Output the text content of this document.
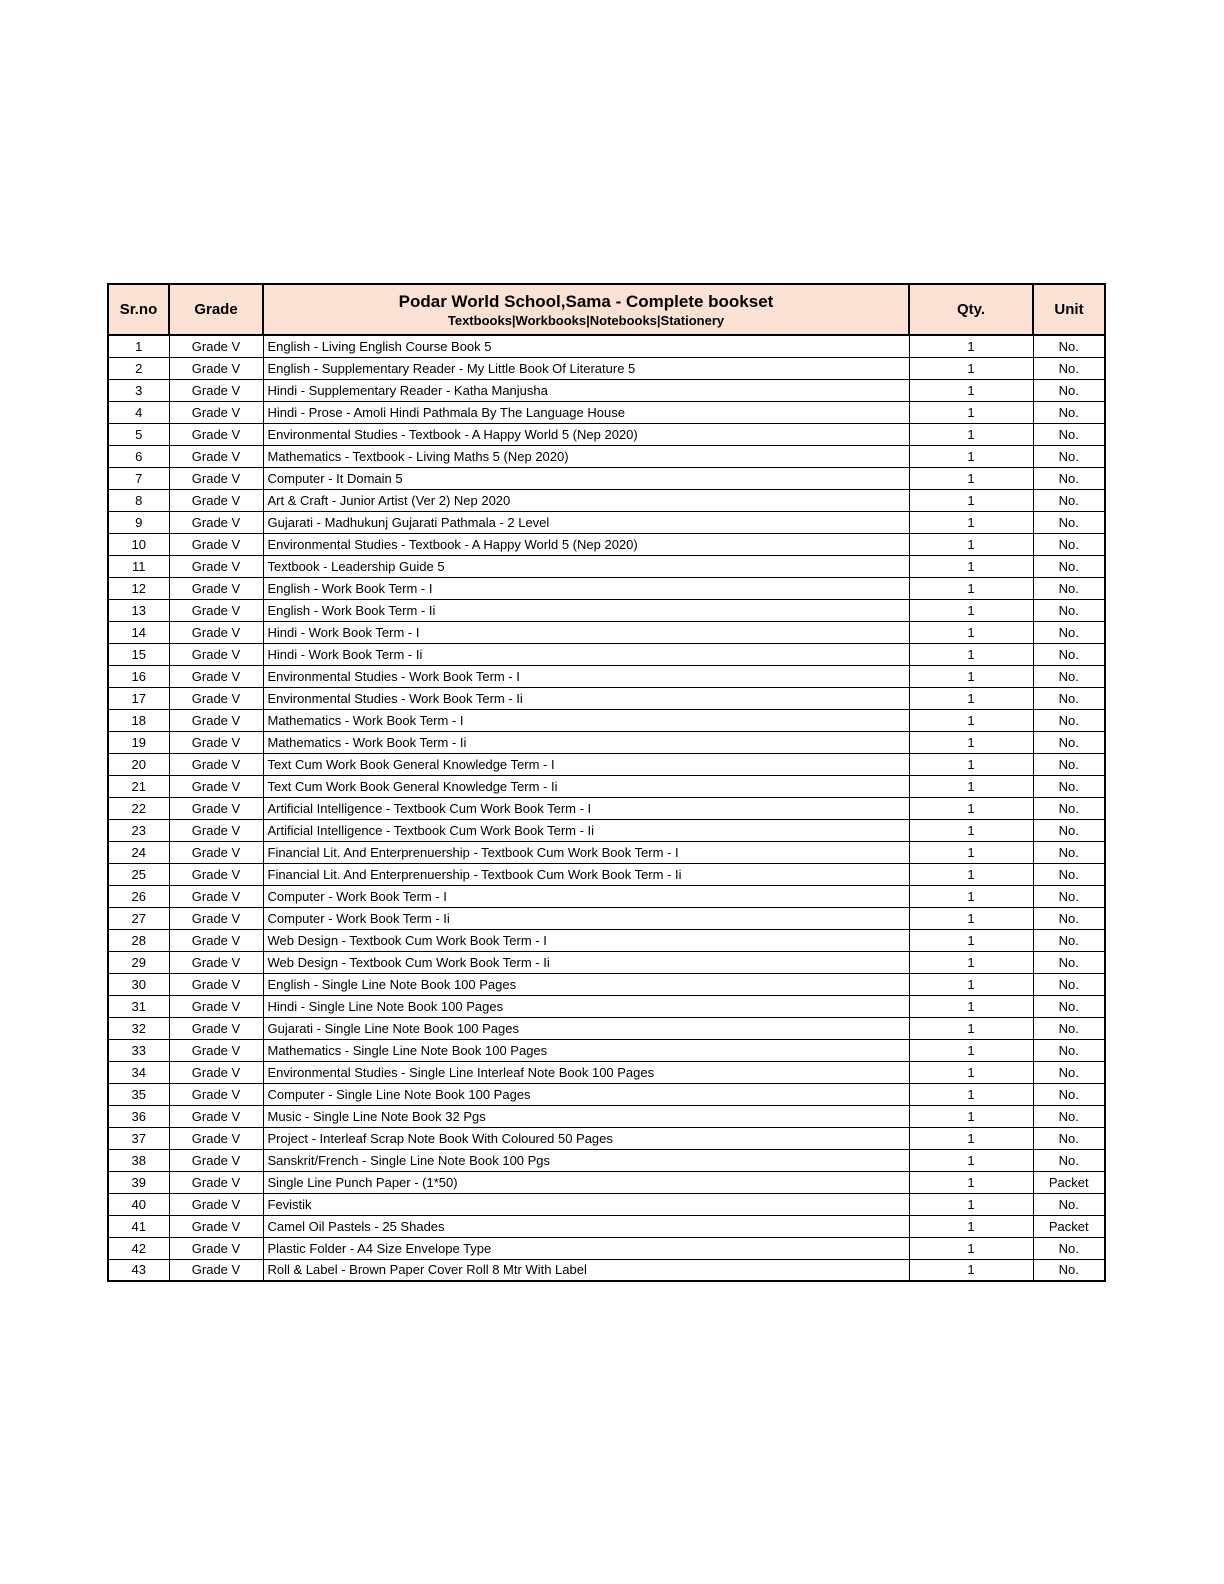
Sr.no	Grade	Podar World School,Sama - Complete bookset
Textbooks|Workbooks|Notebooks|Stationery	Qty.	Unit
1	Grade V	English - Living English Course Book 5	1	No.
2	Grade V	English - Supplementary Reader - My Little Book Of Literature 5	1	No.
3	Grade V	Hindi - Supplementary Reader - Katha Manjusha	1	No.
4	Grade V	Hindi - Prose - Amoli Hindi Pathmala By The Language House	1	No.
5	Grade V	Environmental Studies - Textbook - A Happy World 5 (Nep 2020)	1	No.
6	Grade V	Mathematics - Textbook - Living Maths 5 (Nep 2020)	1	No.
7	Grade V	Computer - It Domain 5	1	No.
8	Grade V	Art & Craft - Junior Artist (Ver 2) Nep 2020	1	No.
9	Grade V	Gujarati - Madhukunj Gujarati Pathmala - 2 Level	1	No.
10	Grade V	Environmental Studies - Textbook - A Happy World 5 (Nep 2020)	1	No.
11	Grade V	Textbook - Leadership Guide 5	1	No.
12	Grade V	English - Work Book Term - I	1	No.
13	Grade V	English - Work Book Term - Ii	1	No.
14	Grade V	Hindi - Work Book Term - I	1	No.
15	Grade V	Hindi - Work Book Term - Ii	1	No.
16	Grade V	Environmental Studies - Work Book Term - I	1	No.
17	Grade V	Environmental Studies - Work Book Term - Ii	1	No.
18	Grade V	Mathematics - Work Book Term - I	1	No.
19	Grade V	Mathematics - Work Book Term - Ii	1	No.
20	Grade V	Text Cum Work Book General Knowledge Term - I	1	No.
21	Grade V	Text Cum Work Book General Knowledge Term - Ii	1	No.
22	Grade V	Artificial Intelligence - Textbook Cum Work Book Term - I	1	No.
23	Grade V	Artificial Intelligence - Textbook Cum Work Book Term - Ii	1	No.
24	Grade V	Financial Lit. And Enterprenuership - Textbook Cum Work Book Term - I	1	No.
25	Grade V	Financial Lit. And Enterprenuership - Textbook Cum Work Book Term - Ii	1	No.
26	Grade V	Computer - Work Book Term - I	1	No.
27	Grade V	Computer - Work Book Term - Ii	1	No.
28	Grade V	Web Design - Textbook Cum Work Book Term - I	1	No.
29	Grade V	Web Design - Textbook Cum Work Book Term - Ii	1	No.
30	Grade V	English - Single Line Note Book 100 Pages	1	No.
31	Grade V	Hindi - Single Line Note Book 100 Pages	1	No.
32	Grade V	Gujarati - Single Line Note Book 100 Pages	1	No.
33	Grade V	Mathematics - Single Line Note Book 100 Pages	1	No.
34	Grade V	Environmental Studies - Single Line Interleaf Note Book 100 Pages	1	No.
35	Grade V	Computer - Single Line Note Book 100 Pages	1	No.
36	Grade V	Music - Single Line Note Book 32 Pgs	1	No.
37	Grade V	Project - Interleaf Scrap Note Book With Coloured 50 Pages	1	No.
38	Grade V	Sanskrit/French - Single Line Note Book 100 Pgs	1	No.
39	Grade V	Single Line Punch Paper - (1*50)	1	Packet
40	Grade V	Fevistik	1	No.
41	Grade V	Camel Oil Pastels - 25 Shades	1	Packet
42	Grade V	Plastic Folder - A4 Size Envelope Type	1	No.
43	Grade V	Roll & Label - Brown Paper Cover Roll 8 Mtr With Label	1	No.
